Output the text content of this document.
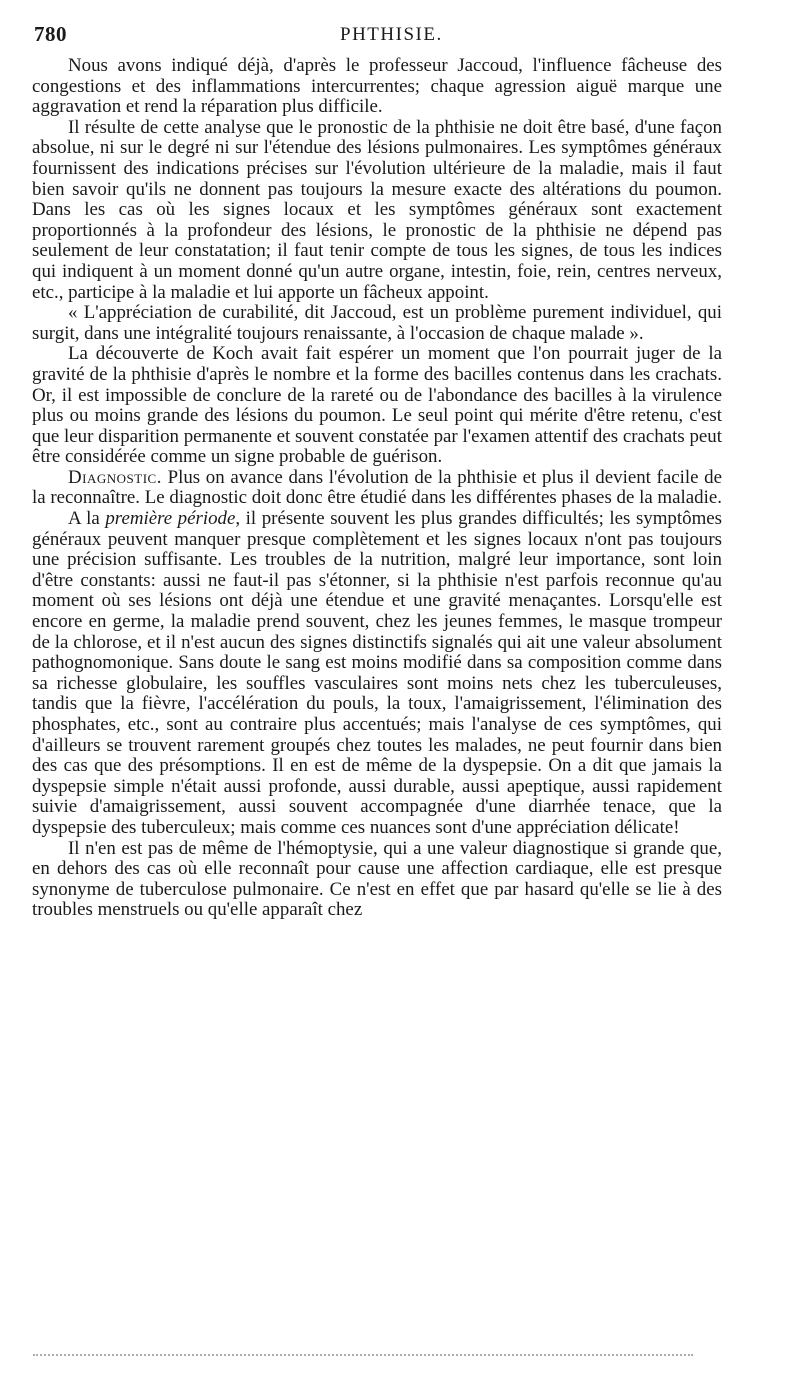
780	PHTHISIE.

Nous avons indiqué déjà, d'après le professeur Jaccoud, l'influence fâcheuse des congestions et des inflammations intercurrentes; chaque agression aiguë marque une aggravation et rend la réparation plus difficile.

Il résulte de cette analyse que le pronostic de la phthisie ne doit être basé, d'une façon absolue, ni sur le degré ni sur l'étendue des lésions pulmonaires. Les symptômes généraux fournissent des indications précises sur l'évolution ultérieure de la maladie, mais il faut bien savoir qu'ils ne donnent pas toujours la mesure exacte des altérations du poumon. Dans les cas où les signes locaux et les symptômes généraux sont exactement proportionnés à la profondeur des lésions, le pronostic de la phthisie ne dépend pas seulement de leur constatation; il faut tenir compte de tous les signes, de tous les indices qui indiquent à un moment donné qu'un autre organe, intestin, foie, rein, centres nerveux, etc., participe à la maladie et lui apporte un fâcheux appoint.

« L'appréciation de curabilité, dit Jaccoud, est un problème purement individuel, qui surgit, dans une intégralité toujours renaissante, à l'occasion de chaque malade ».

La découverte de Koch avait fait espérer un moment que l'on pourrait juger de la gravité de la phthisie d'après le nombre et la forme des bacilles contenus dans les crachats. Or, il est impossible de conclure de la rareté ou de l'abondance des bacilles à la virulence plus ou moins grande des lésions du poumon. Le seul point qui mérite d'être retenu, c'est que leur disparition permanente et souvent constatée par l'examen attentif des crachats peut être considérée comme un signe probable de guérison.

Diagnostic. Plus on avance dans l'évolution de la phthisie et plus il devient facile de la reconnaître. Le diagnostic doit donc être étudié dans les différentes phases de la maladie.

A la première période, il présente souvent les plus grandes difficultés; les symptômes généraux peuvent manquer presque complètement et les signes locaux n'ont pas toujours une précision suffisante. Les troubles de la nutrition, malgré leur importance, sont loin d'être constants: aussi ne faut-il pas s'étonner, si la phthisie n'est parfois reconnue qu'au moment où ses lésions ont déjà une étendue et une gravité menaçantes. Lorsqu'elle est encore en germe, la maladie prend souvent, chez les jeunes femmes, le masque trompeur de la chlorose, et il n'est aucun des signes distinctifs signalés qui ait une valeur absolument pathognomonique. Sans doute le sang est moins modifié dans sa composition comme dans sa richesse globulaire, les souffles vasculaires sont moins nets chez les tuberculeuses, tandis que la fièvre, l'accélération du pouls, la toux, l'amaigrissement, l'élimination des phosphates, etc., sont au contraire plus accentués; mais l'analyse de ces symptômes, qui d'ailleurs se trouvent rarement groupés chez toutes les malades, ne peut fournir dans bien des cas que des présomptions. Il en est de même de la dyspepsie. On a dit que jamais la dyspepsie simple n'était aussi profonde, aussi durable, aussi apeptique, aussi rapidement suivie d'amaigrissement, aussi souvent accompagnée d'une diarrhée tenace, que la dyspepsie des tuberculeux; mais comme ces nuances sont d'une appréciation délicate!

Il n'en est pas de même de l'hémoptysie, qui a une valeur diagnostique si grande que, en dehors des cas où elle reconnaît pour cause une affection cardiaque, elle est presque synonyme de tuberculose pulmonaire. Ce n'est en effet que par hasard qu'elle se lie à des troubles menstruels ou qu'elle apparaît chez
